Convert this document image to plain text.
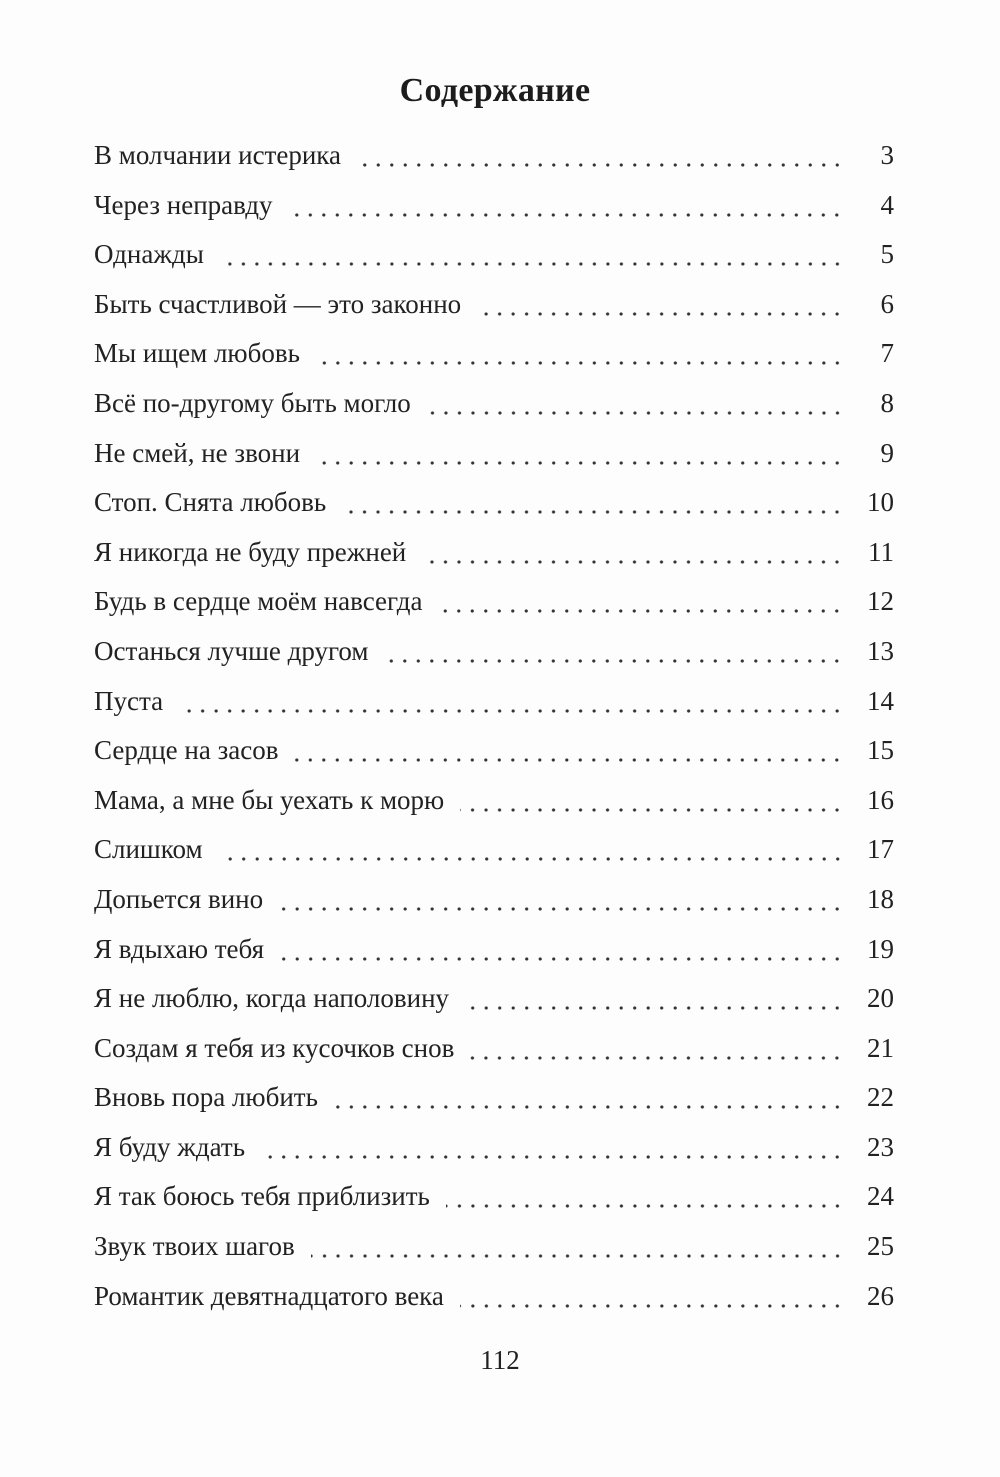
Содержание
В молчании истерика	3
Через неправду	4
Однажды	5
Быть счастливой — это законно	6
Мы ищем любовь	7
Всё по-другому быть могло	8
Не смей, не звони	9
Стоп. Снята любовь	10
Я никогда не буду прежней	11
Будь в сердце моём навсегда	12
Останься лучше другом	13
Пуста	14
Сердце на засов	15
Мама, а мне бы уехать к морю	16
Слишком	17
Допьется вино	18
Я вдыхаю тебя	19
Я не люблю, когда наполовину	20
Создам я тебя из кусочков снов	21
Вновь пора любить	22
Я буду ждать	23
Я так боюсь тебя приблизить	24
Звук твоих шагов	25
Романтик девятнадцатого века	26
112
